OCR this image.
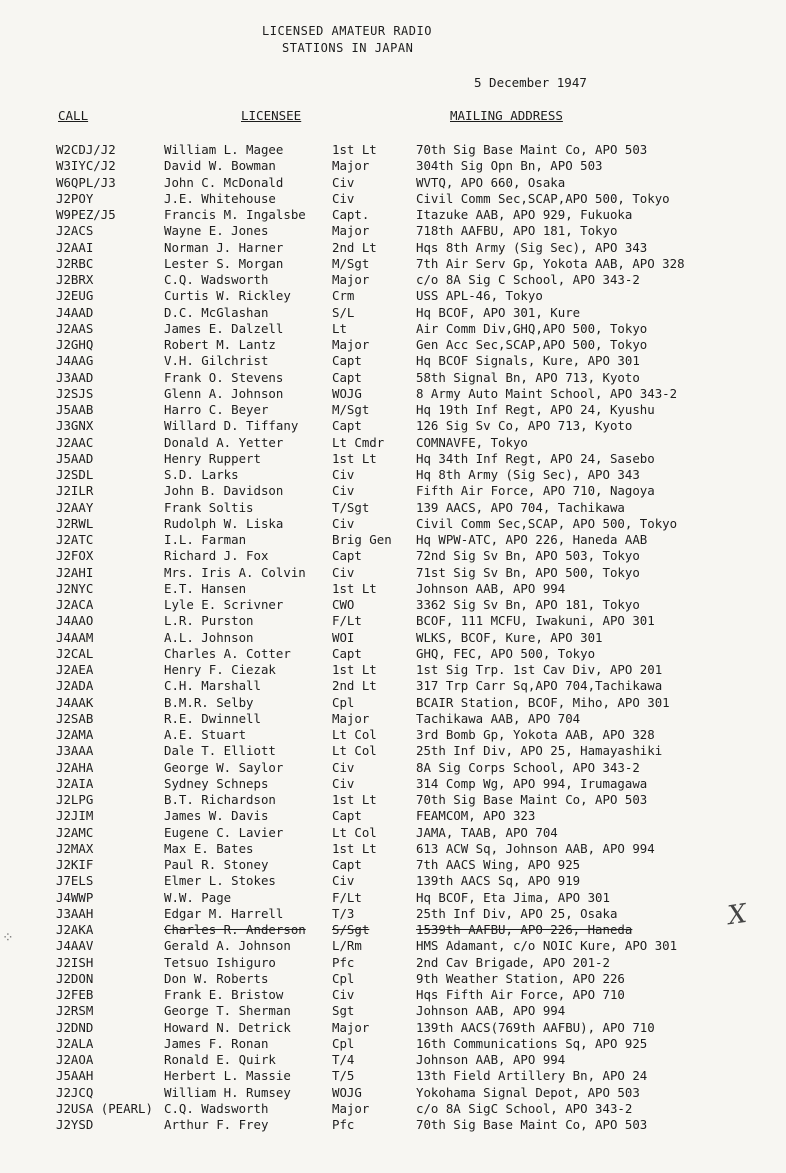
LICENSED AMATEUR RADIO
STATIONS IN JAPAN
5 December 1947
CALL	LICENSEE	MAILING ADDRESS
W2CDJ/J2	William L. Magee	1st Lt	70th Sig Base Maint Co, APO 503
W3IYC/J2	David W. Bowman	Major	304th Sig Opn Bn, APO 503
W6QPL/J3	John C. McDonald	Civ	WVTQ, APO 660, Osaka
J2POY	J.E. Whitehouse	Civ	Civil Comm Sec,SCAP,APO 500, Tokyo
W9PEZ/J5	Francis M. Ingalsbe	Capt.	Itazuke AAB, APO 929, Fukuoka
J2ACS	Wayne E. Jones	Major	718th AAFBU, APO 181, Tokyo
J2AAI	Norman J. Harner	2nd Lt	Hqs 8th Army (Sig Sec), APO 343
J2RBC	Lester S. Morgan	M/Sgt	7th Air Serv Gp, Yokota AAB, APO 328
J2BRX	C.Q. Wadsworth	Major	c/o 8A Sig C School, APO 343-2
J2EUG	Curtis W. Rickley	Crm	USS APL-46, Tokyo
J4AAD	D.C. McGlashan	S/L	Hq BCOF, APO 301, Kure
J2AAS	James E. Dalzell	Lt	Air Comm Div,GHQ,APO 500, Tokyo
J2GHQ	Robert M. Lantz	Major	Gen Acc Sec,SCAP,APO 500, Tokyo
J4AAG	V.H. Gilchrist	Capt	Hq BCOF Signals, Kure, APO 301
J3AAD	Frank O. Stevens	Capt	58th Signal Bn, APO 713, Kyoto
J2SJS	Glenn A. Johnson	WOJG	8 Army Auto Maint School, APO 343-2
J5AAB	Harro C. Beyer	M/Sgt	Hq 19th Inf Regt, APO 24, Kyushu
J3GNX	Willard D. Tiffany	Capt	126 Sig Sv Co, APO 713, Kyoto
J2AAC	Donald A. Yetter	Lt Cmdr	COMNAVFE, Tokyo
J5AAD	Henry Ruppert	1st Lt	Hq 34th Inf Regt, APO 24, Sasebo
J2SDL	S.D. Larks	Civ	Hq 8th Army (Sig Sec), APO 343
J2ILR	John B. Davidson	Civ	Fifth Air Force, APO 710, Nagoya
J2AAY	Frank Soltis	T/Sgt	139 AACS, APO 704, Tachikawa
J2RWL	Rudolph W. Liska	Civ	Civil Comm Sec,SCAP, APO 500, Tokyo
J2ATC	I.L. Farman	Brig Gen	Hq WPW-ATC, APO 226, Haneda AAB
J2FOX	Richard J. Fox	Capt	72nd Sig Sv Bn, APO 503, Tokyo
J2AHI	Mrs. Iris A. Colvin	Civ	71st Sig Sv Bn, APO 500, Tokyo
J2NYC	E.T. Hansen	1st Lt	Johnson AAB, APO 994
J2ACA	Lyle E. Scrivner	CWO	3362 Sig Sv Bn, APO 181, Tokyo
J4AAO	L.R. Purston	F/Lt	BCOF, 111 MCFU, Iwakuni, APO 301
J4AAM	A.L. Johnson	WOI	WLKS, BCOF, Kure, APO 301
J2CAL	Charles A. Cotter	Capt	GHQ, FEC, APO 500, Tokyo
J2AEA	Henry F. Ciezak	1st Lt	1st Sig Trp. 1st Cav Div, APO 201
J2ADA	C.H. Marshall	2nd Lt	317 Trp Carr Sq,APO 704,Tachikawa
J4AAK	B.M.R. Selby	Cpl	BCAIR Station, BCOF, Miho, APO 301
J2SAB	R.E. Dwinnell	Major	Tachikawa AAB, APO 704
J2AMA	A.E. Stuart	Lt Col	3rd Bomb Gp, Yokota AAB, APO 328
J3AAA	Dale T. Elliott	Lt Col	25th Inf Div, APO 25, Hamayashiki
J2AHA	George W. Saylor	Civ	8A Sig Corps School, APO 343-2
J2AIA	Sydney Schneps	Civ	314 Comp Wg, APO 994, Irumagawa
J2LPG	B.T. Richardson	1st Lt	70th Sig Base Maint Co, APO 503
J2JIM	James W. Davis	Capt	FEAMCOM, APO 323
J2AMC	Eugene C. Lavier	Lt Col	JAMA, TAAB, APO 704
J2MAX	Max E. Bates	1st Lt	613 ACW Sq, Johnson AAB, APO 994
J2KIF	Paul R. Stoney	Capt	7th AACS Wing, APO 925
J7ELS	Elmer L. Stokes	Civ	139th AACS Sq, APO 919
J4WWP	W.W. Page	F/Lt	Hq BCOF, Eta Jima, APO 301
J3AAH	Edgar M. Harrell	T/3	25th Inf Div, APO 25, Osaka
J2AKA	Charles R. Anderson	S/Sgt	1539th AAFBU, APO 226, Haneda
J4AAV	Gerald A. Johnson	L/Rm	HMS Adamant, c/o NOIC Kure, APO 301
J2ISH	Tetsuo Ishiguro	Pfc	2nd Cav Brigade, APO 201-2
J2DON	Don W. Roberts	Cpl	9th Weather Station, APO 226
J2FEB	Frank E. Bristow	Civ	Hqs Fifth Air Force, APO 710
J2RSM	George T. Sherman	Sgt	Johnson AAB, APO 994
J2DND	Howard N. Detrick	Major	139th AACS(769th AAFBU), APO 710
J2ALA	James F. Ronan	Cpl	16th Communications Sq, APO 925
J2AOA	Ronald E. Quirk	T/4	Johnson AAB, APO 994
J5AAH	Herbert L. Massie	T/5	13th Field Artillery Bn, APO 24
J2JCQ	William H. Rumsey	WOJG	Yokohama Signal Depot, APO 503
J2USA (PEARL) C.Q. Wadsworth	Major	c/o 8A SigC School, APO 343-2
J2YSD	Arthur F. Frey	Pfc	70th Sig Base Maint Co, APO 503
X
⁘
